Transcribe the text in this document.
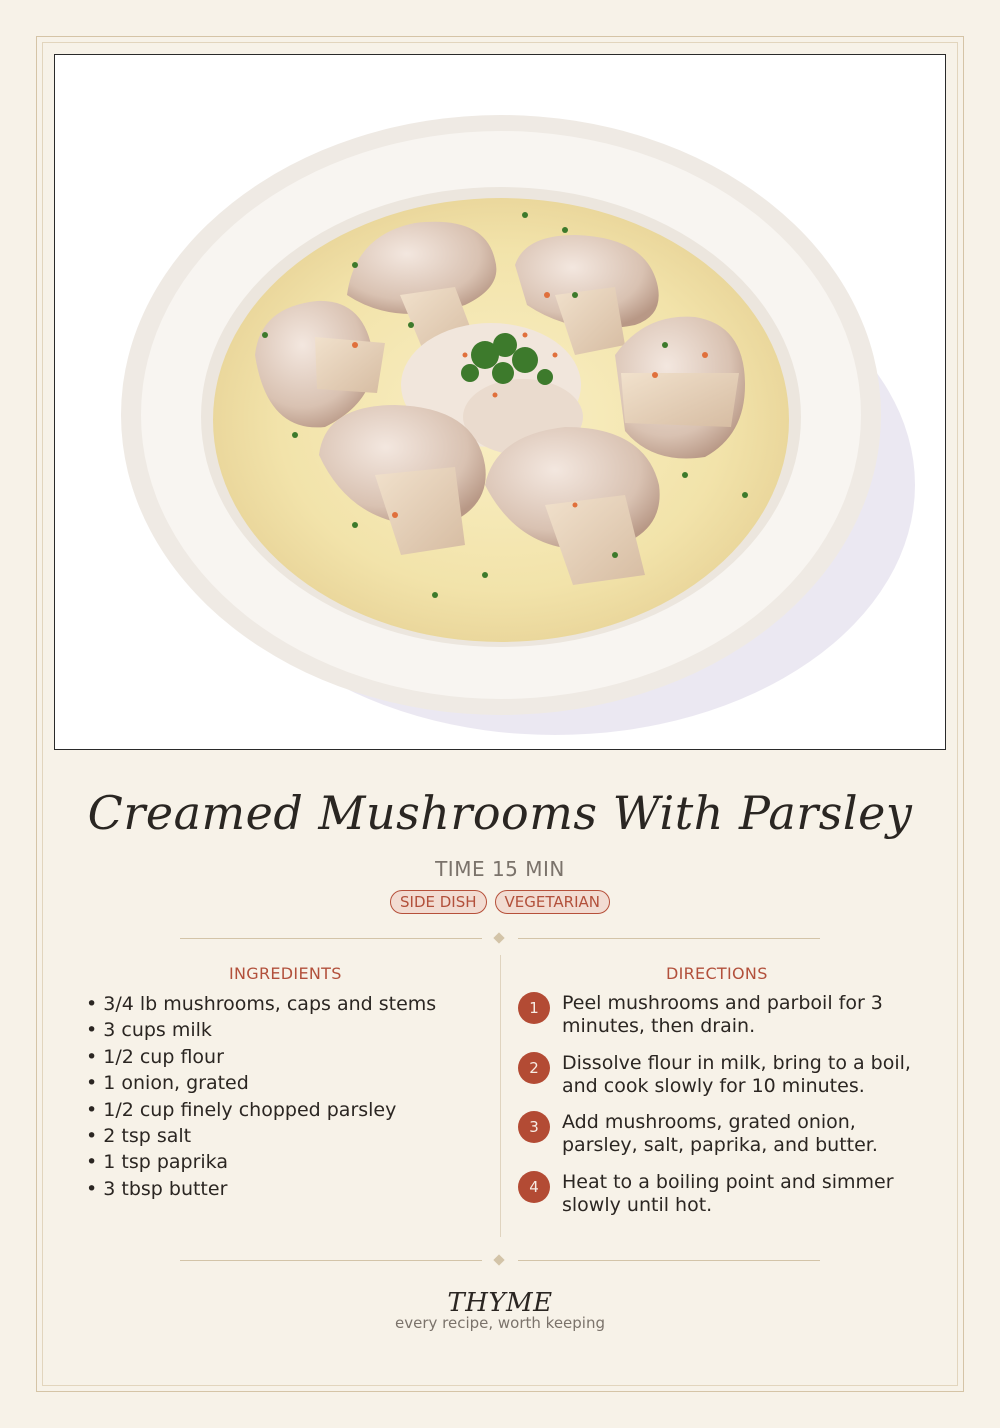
Creamed Mushrooms With Parsley
TIME 15 MIN
SIDE DISH	VEGETARIAN
INGREDIENTS	DIRECTIONS
• 3/4 lb mushrooms, caps and stems
• 3 cups milk
• 1/2 cup flour
• 1 onion, grated
• 1/2 cup finely chopped parsley
• 2 tsp salt
• 1 tsp paprika
• 3 tbsp butter
1	Peel mushrooms and parboil for 3 minutes, then drain.
2	Dissolve flour in milk, bring to a boil, and cook slowly for 10 minutes.
3	Add mushrooms, grated onion, parsley, salt, paprika, and butter.
4	Heat to a boiling point and simmer slowly until hot.
THYME
every recipe, worth keeping
